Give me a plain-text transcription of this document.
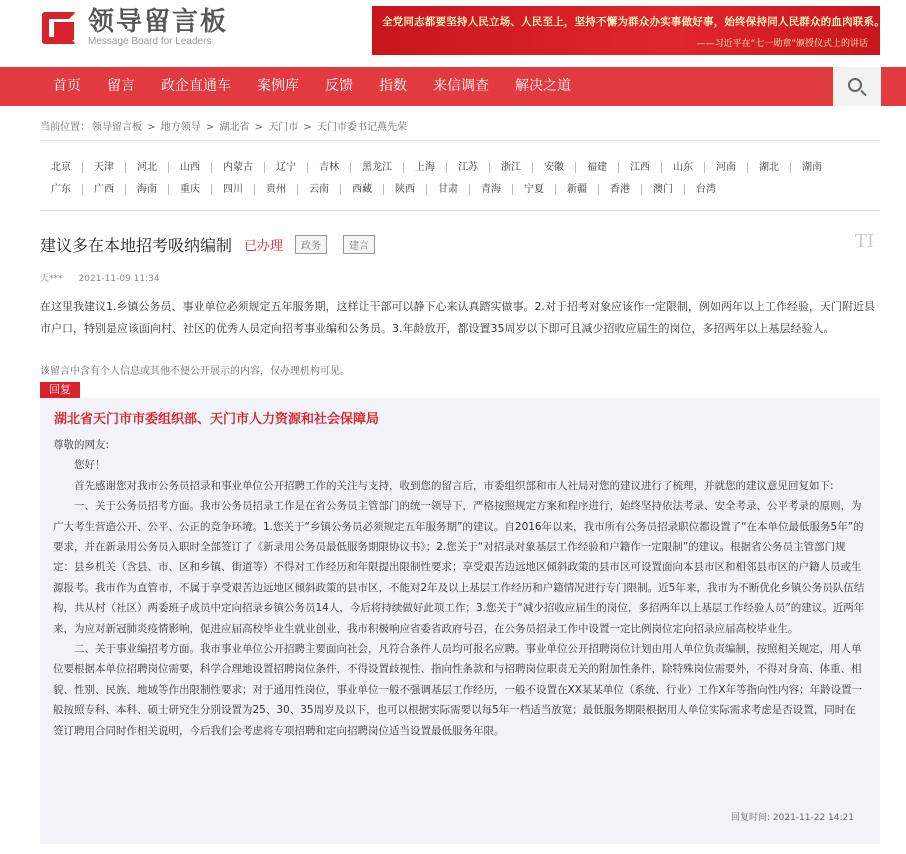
领导留言板
Message Board for Leaders
全党同志都要坚持人民立场、人民至上，坚持不懈为群众办实事做好事，始终保持同人民群众的血肉联系。
——习近平在“七一勋章”颁授仪式上的讲话
首页 留言 政企直通车 案例库 反馈 指数 来信调查 解决之道
当前位置： 领导留言板 > 地方领导 > 湖北省 > 天门市 > 天门市委书记燕先荣
北京	天津	河北	山西	内蒙古	辽宁	吉林	黑龙江	上海	江苏	浙江	安徽	福建	江西	山东	河南	湖北	湖南
广东	广西	海南	重庆	四川	贵州	云南	西藏	陕西	甘肃	青海	宁夏	新疆	香港	澳门	台湾
建议多在本地招考吸纳编制 已办理	政务	建言	TI
天*** 2021-11-09 11:34
在这里我建议1.乡镇公务员、事业单位必须规定五年服务期，这样让干部可以静下心来认真踏实做事。2.对于招考对象应该作一定限制，例如两年以上工作经验，天门附近县市户口，特别是应该面向村、社区的优秀人员定向招考事业编和公务员。3.年龄放开，都设置35周岁以下即可且减少招收应届生的岗位，多招两年以上基层经验人。
该留言中含有个人信息或其他不便公开展示的内容，仅办理机构可见。
回复
湖北省天门市市委组织部、天门市人力资源和社会保障局

尊敬的网友:

您好！

首先感谢您对我市公务员招录和事业单位公开招聘工作的关注与支持，收到您的留言后，市委组织部和市人社局对您的建议进行了梳理，并就您的建议意见回复如下:

一、关于公务员招考方面。我市公务员招录工作是在省公务员主管部门的统一领导下，严格按照规定方案和程序进行，始终坚持依法考录、安全考录、公平考录的原则，为广大考生营造公开、公平、公正的竞争环境。1.您关于“乡镇公务员必须规定五年服务期”的建议。自2016年以来，我市所有公务员招录职位都设置了“在本单位最低服务5年”的要求，并在新录用公务员入职时全部签订了《新录用公务员最低服务期限协议书》；2.您关于“对招录对象基层工作经验和户籍作一定限制”的建议。根据省公务员主管部门规定：县乡机关（含县、市、区和乡镇、街道等）不得对工作经历和年限提出限制性要求；享受艰苦边远地区倾斜政策的县市区可设置面向本县市区和相邻县市区的户籍人员或生源报考。我市作为直管市，不属于享受艰苦边远地区倾斜政策的县市区，不能对2年及以上基层工作经历和户籍情况进行专门限制。近5年来，我市为不断优化乡镇公务员队伍结构，共从村（社区）两委班子成员中定向招录乡镇公务员14人，今后将持续做好此项工作；3.您关于“减少招收应届生的岗位，多招两年以上基层工作经验人员”的建议。近两年来，为应对新冠肺炎疫情影响，促进应届高校毕业生就业创业，我市积极响应省委省政府号召，在公务员招录工作中设置一定比例岗位定向招录应届高校毕业生。

二、关于事业编招考方面。我市事业单位公开招聘主要面向社会，凡符合条件人员均可报名应聘。事业单位公开招聘岗位计划由用人单位负责编制，按照相关规定，用人单位要根据本单位招聘岗位需要，科学合理地设置招聘岗位条件，不得设置歧视性、指向性条款和与招聘岗位职责无关的附加性条件，除特殊岗位需要外，不得对身高、体重、相貌、性别、民族、地域等作出限制性要求；对于通用性岗位，事业单位一般不强调基层工作经历，一般不设置在XX某某单位（系统、行业）工作X年等指向性内容；年龄设置一般按照专科、本科、硕士研究生分别设置为25、30、35周岁及以下，也可以根据实际需要以每5年一档适当放宽；最低服务期限根据用人单位实际需求考虑是否设置，同时在签订聘用合同时作相关说明，今后我们会考虑将专项招聘和定向招聘岗位适当设置最低服务年限。

回复时间: 2021-11-22 14:21
